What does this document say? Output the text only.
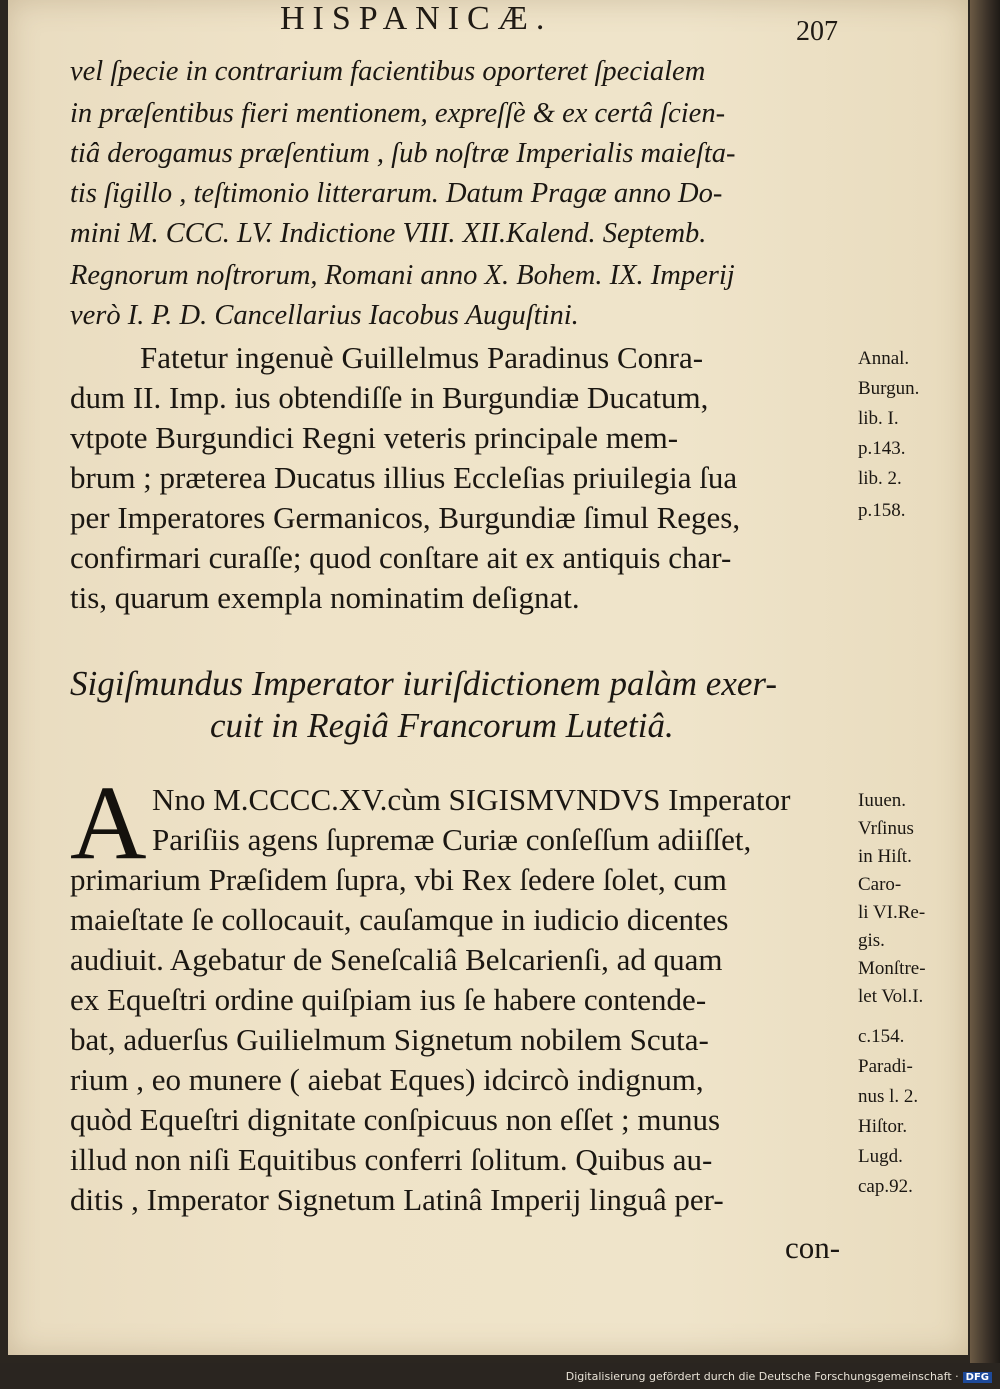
HISPANICÆ.	207
vel ſpecie in contrarium facientibus oporteret ſpecialem
in præſentibus fieri mentionem, expreſſè & ex certâ ſcien-
tiâ derogamus præſentium , ſub noſtræ Imperialis maieſta-
tis ſigillo , teſtimonio litterarum. Datum Pragæ anno Do-
mini M. CCC. LV. Indictione VIII. XII.Kalend. Septemb.
Regnorum noſtrorum, Romani anno X. Bohem. IX. Imperij
verò I. P. D. Cancellarius Iacobus Auguſtini.
Fatetur ingenuè Guillelmus Paradinus Conra-
dum II. Imp. ius obtendiſſe in Burgundiæ Ducatum,
vtpote Burgundici Regni veteris principale mem-
brum ; præterea Ducatus illius Eccleſias priuilegia ſua
per Imperatores Germanicos, Burgundiæ ſimul Reges,
confirmari curaſſe; quod conſtare ait ex antiquis char-
tis, quarum exempla nominatim deſignat.
Annal.
Burgun.
lib. I.
p.143.
lib. 2.
p.158.
Sigiſmundus Imperator iuriſdictionem palàm exer-
cuit in Regiâ Francorum Lutetiâ.
A Nno M.CCCC.XV.cùm SIGISMVNDVS Imperator
Pariſiis agens ſupremæ Curiæ conſeſſum adiiſſet,
primarium Præſidem ſupra, vbi Rex ſedere ſolet, cum
maieſtate ſe collocauit, cauſamque in iudicio dicentes
audiuit. Agebatur de Seneſcaliâ Belcarienſi, ad quam
ex Equeſtri ordine quiſpiam ius ſe habere contende-
bat, aduerſus Guilielmum Signetum nobilem Scuta-
rium , eo munere ( aiebat Eques) idcircò indignum,
quòd Equeſtri dignitate conſpicuus non eſſet ; munus
illud non niſi Equitibus conferri ſolitum. Quibus au-
ditis , Imperator Signetum Latinâ Imperij linguâ per-
con-
Iuuen.
Vrſinus
in Hiſt.
Caro-
li VI.Re-
gis.
Monſtre-
let Vol.I.
c.154.
Paradi-
nus l. 2.
Hiſtor.
Lugd.
cap.92.
Digitalisierung gefördert durch die Deutsche Forschungsgemeinschaft · DFG
